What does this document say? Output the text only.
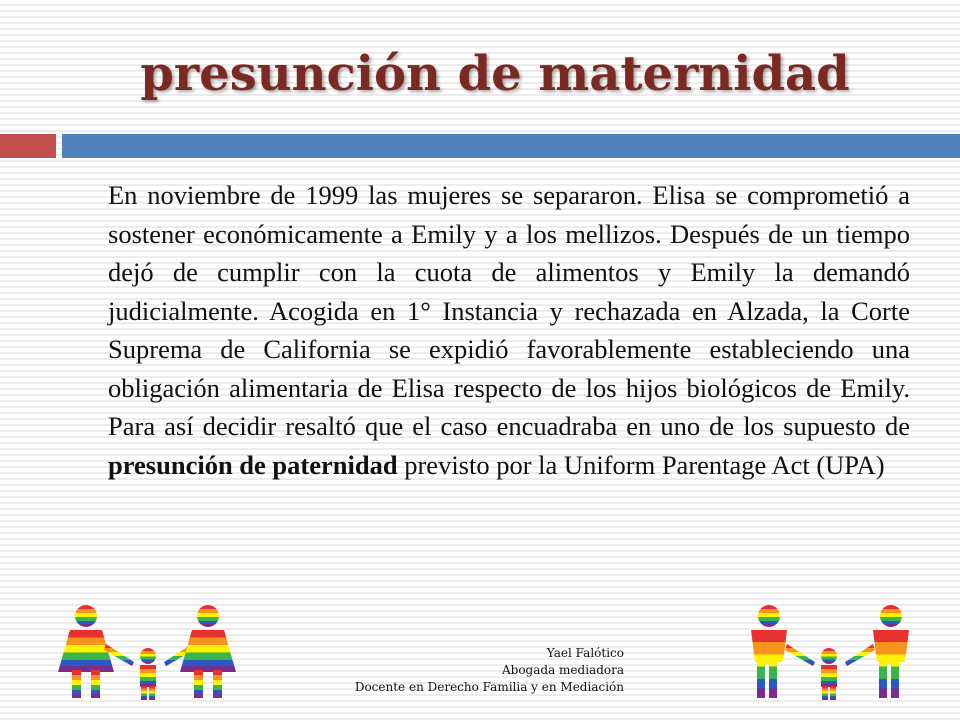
presunción de maternidad

En noviembre de 1999 las mujeres se separaron. Elisa se comprometió a sostener económicamente a Emily y a los mellizos. Después de un tiempo dejó de cumplir con la cuota de alimentos y Emily la demandó judicialmente. Acogida en 1° Instancia y rechazada en Alzada, la Corte Suprema de California se expidió favorablemente estableciendo una obligación alimentaria de Elisa respecto de los hijos biológicos de Emily. Para así decidir resaltó que el caso encuadraba en uno de los supuesto de presunción de paternidad previsto por la Uniform Parentage Act (UPA)

Yael Falótico
Abogada mediadora
Docente en Derecho Familia y en Mediación
